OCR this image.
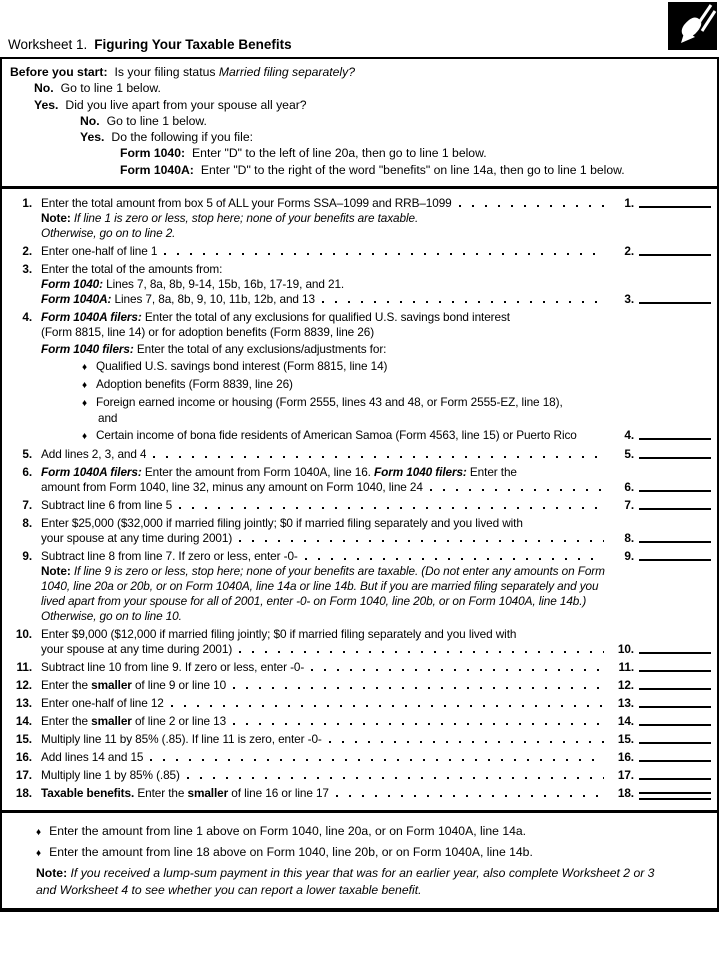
Worksheet 1. Figuring Your Taxable Benefits
Before you start: Is your filing status Married filing separately?
No. Go to line 1 below.
Yes. Did you live apart from your spouse all year?
No. Go to line 1 below.
Yes. Do the following if you file:
Form 1040: Enter "D" to the left of line 20a, then go to line 1 below.
Form 1040A: Enter "D" to the right of the word "benefits" on line 14a, then go to line 1 below.
1. Enter the total amount from box 5 of ALL your Forms SSA–1099 and RRB–1099	1.
Note: If line 1 is zero or less, stop here; none of your benefits are taxable.
Otherwise, go on to line 2.
2. Enter one-half of line 1	2.
3. Enter the total of the amounts from:
Form 1040: Lines 7, 8a, 8b, 9-14, 15b, 16b, 17-19, and 21.
Form 1040A: Lines 7, 8a, 8b, 9, 10, 11b, 12b, and 13	3.
4. Form 1040A filers: Enter the total of any exclusions for qualified U.S. savings bond interest
(Form 8815, line 14) or for adoption benefits (Form 8839, line 26)
Form 1040 filers: Enter the total of any exclusions/adjustments for:
♦ Qualified U.S. savings bond interest (Form 8815, line 14)
♦ Adoption benefits (Form 8839, line 26)
♦ Foreign earned income or housing (Form 2555, lines 43 and 48, or Form 2555-EZ, line 18),
and
♦ Certain income of bona fide residents of American Samoa (Form 4563, line 15) or Puerto Rico	4.
5. Add lines 2, 3, and 4	5.
6. Form 1040A filers: Enter the amount from Form 1040A, line 16. Form 1040 filers: Enter the
amount from Form 1040, line 32, minus any amount on Form 1040, line 24	6.
7. Subtract line 6 from line 5	7.
8. Enter $25,000 ($32,000 if married filing jointly; $0 if married filing separately and you lived with
your spouse at any time during 2001)	8.
9. Subtract line 8 from line 7. If zero or less, enter -0-	9.
Note: If line 9 is zero or less, stop here; none of your benefits are taxable. (Do not enter any amounts on Form 1040, line 20a or 20b, or on Form 1040A, line 14a or line 14b. But if you are married filing separately and you lived apart from your spouse for all of 2001, enter -0- on Form 1040, line 20b, or on Form 1040A, line 14b.) Otherwise, go on to line 10.
10. Enter $9,000 ($12,000 if married filing jointly; $0 if married filing separately and you lived with
your spouse at any time during 2001)	10.
11. Subtract line 10 from line 9. If zero or less, enter -0-	11.
12. Enter the smaller of line 9 or line 10	12.
13. Enter one-half of line 12	13.
14. Enter the smaller of line 2 or line 13	14.
15. Multiply line 11 by 85% (.85). If line 11 is zero, enter -0-	15.
16. Add lines 14 and 15	16.
17. Multiply line 1 by 85% (.85)	17.
18. Taxable benefits. Enter the smaller of line 16 or line 17	18.
♦ Enter the amount from line 1 above on Form 1040, line 20a, or on Form 1040A, line 14a.
♦ Enter the amount from line 18 above on Form 1040, line 20b, or on Form 1040A, line 14b.
Note: If you received a lump-sum payment in this year that was for an earlier year, also complete Worksheet 2 or 3 and Worksheet 4 to see whether you can report a lower taxable benefit.
